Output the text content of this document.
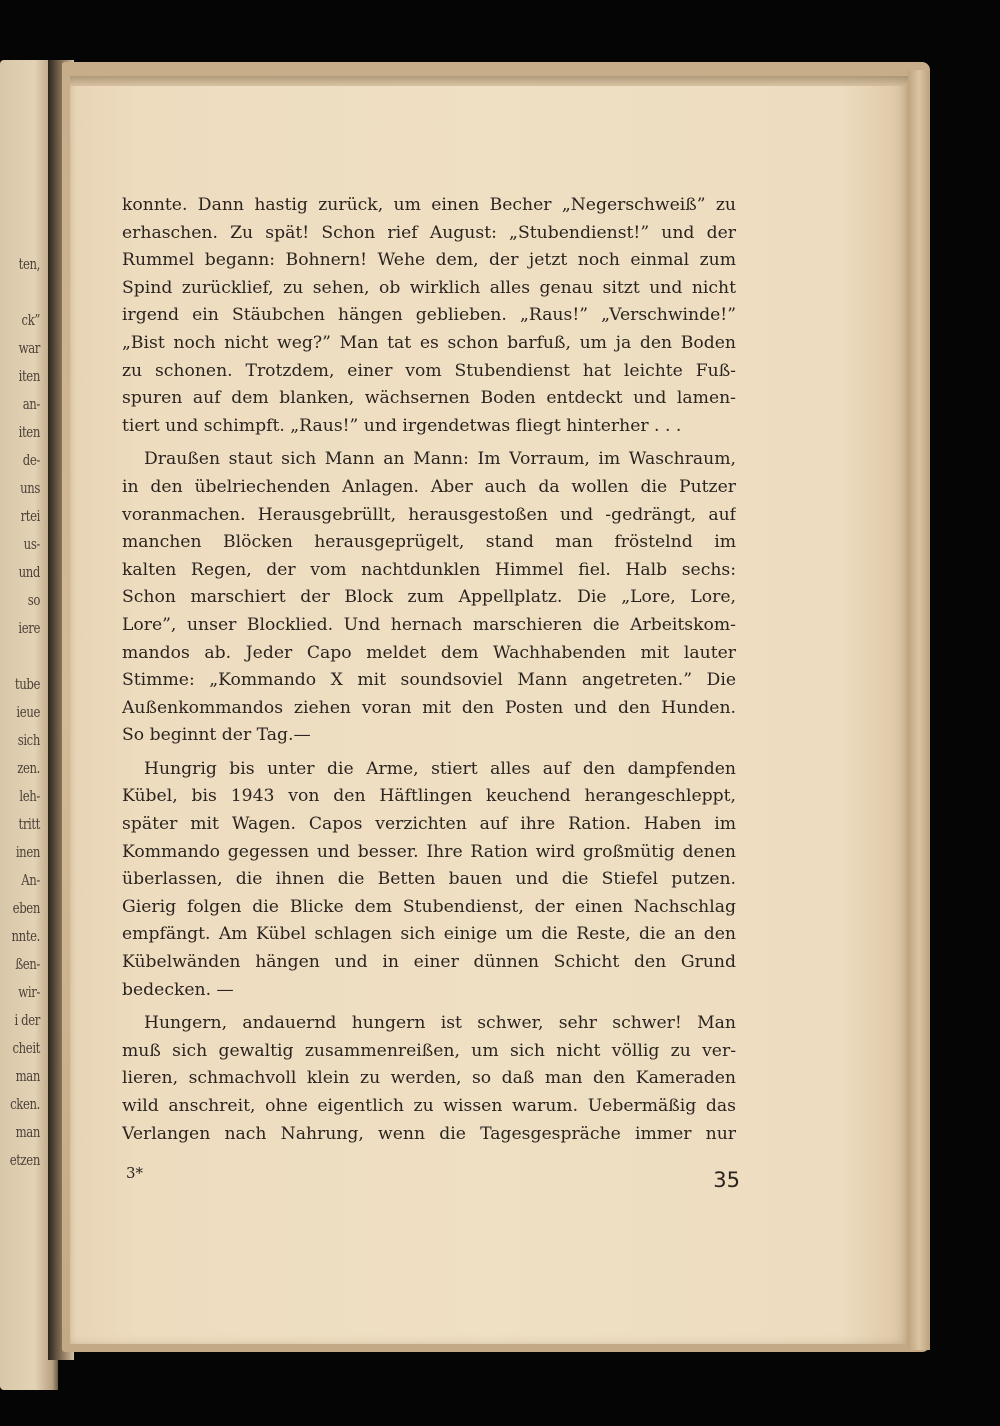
ten,
ck”
war
iten
an-
iten
de-
uns
rtei
us-
und
so
iere
tube
ieue
sich
zen.
leh-
tritt
inen
An-
eben
nnte.
ßen-
wir-
i der
cheit
man
cken.
man
etzen
konnte. Dann hastig zurück, um einen Becher „Negerschweiß” zu
erhaschen. Zu spät! Schon rief August: „Stubendienst!” und der
Rummel begann: Bohnern! Wehe dem, der jetzt noch einmal zum
Spind zurücklief, zu sehen, ob wirklich alles genau sitzt und nicht
irgend ein Stäubchen hängen geblieben. „Raus!” „Verschwinde!”
„Bist noch nicht weg?” Man tat es schon barfuß, um ja den Boden
zu schonen. Trotzdem, einer vom Stubendienst hat leichte Fuß-
spuren auf dem blanken, wächsernen Boden entdeckt und lamen-
tiert und schimpft. „Raus!” und irgendetwas fliegt hinterher . . .
Draußen staut sich Mann an Mann: Im Vorraum, im Waschraum,
in den übelriechenden Anlagen. Aber auch da wollen die Putzer
voranmachen. Herausgebrüllt, herausgestoßen und -gedrängt, auf
manchen Blöcken herausgeprügelt, stand man fröstelnd im
kalten Regen, der vom nachtdunklen Himmel fiel. Halb sechs:
Schon marschiert der Block zum Appellplatz. Die „Lore, Lore,
Lore”, unser Blocklied. Und hernach marschieren die Arbeitskom-
mandos ab. Jeder Capo meldet dem Wachhabenden mit lauter
Stimme: „Kommando X mit soundsoviel Mann angetreten.” Die
Außenkommandos ziehen voran mit den Posten und den Hunden.
So beginnt der Tag.—
Hungrig bis unter die Arme, stiert alles auf den dampfenden
Kübel, bis 1943 von den Häftlingen keuchend herangeschleppt,
später mit Wagen. Capos verzichten auf ihre Ration. Haben im
Kommando gegessen und besser. Ihre Ration wird großmütig denen
überlassen, die ihnen die Betten bauen und die Stiefel putzen.
Gierig folgen die Blicke dem Stubendienst, der einen Nachschlag
empfängt. Am Kübel schlagen sich einige um die Reste, die an den
Kübelwänden hängen und in einer dünnen Schicht den Grund
bedecken. —
Hungern, andauernd hungern ist schwer, sehr schwer! Man
muß sich gewaltig zusammenreißen, um sich nicht völlig zu ver-
lieren, schmachvoll klein zu werden, so daß man den Kameraden
wild anschreit, ohne eigentlich zu wissen warum. Uebermäßig das
Verlangen nach Nahrung, wenn die Tagesgespräche immer nur
3*	35
